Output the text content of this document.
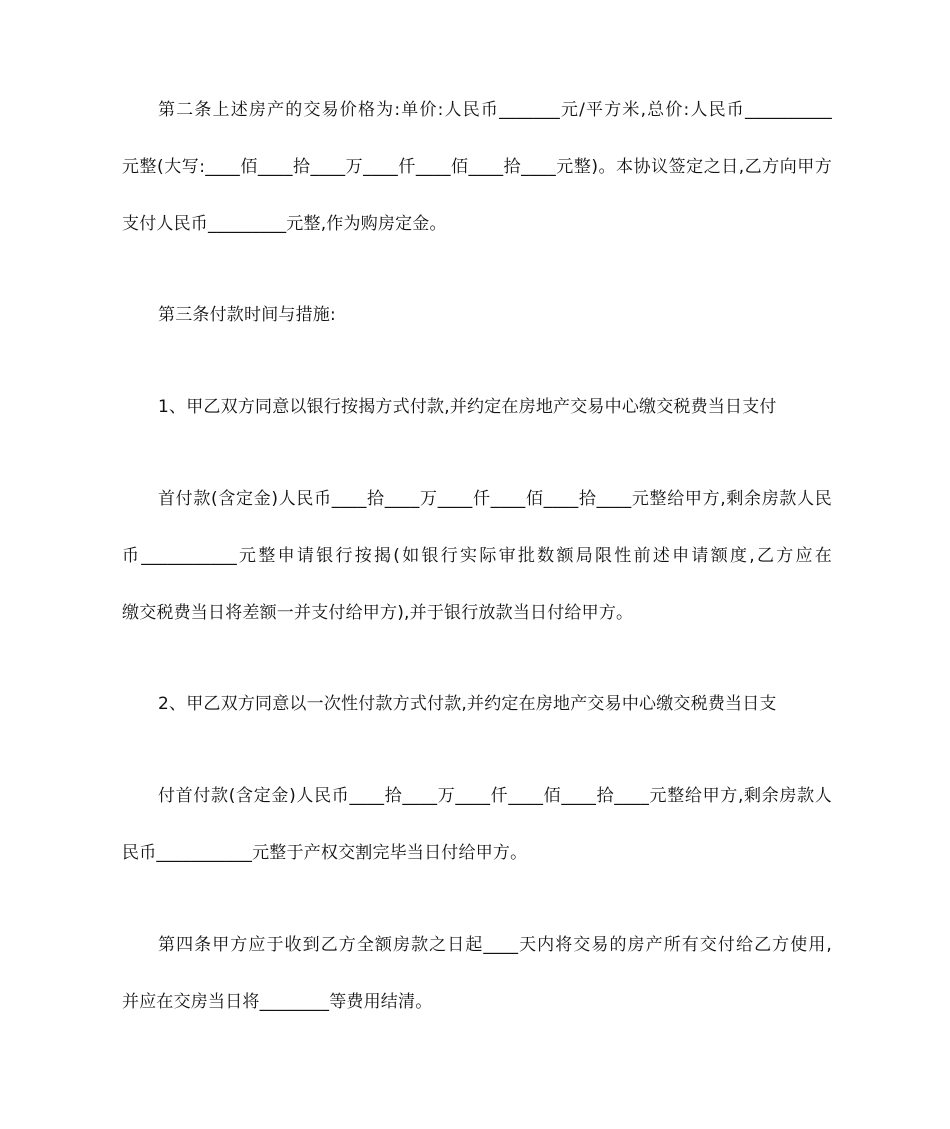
第二条上述房产的交易价格为:单价:人民币_______元/平方米,总价:人民币__________
元整(大写:____佰____拾____万____仟____佰____拾____元整)。本协议签定之日,乙方向甲方
支付人民币_________元整,作为购房定金。
第三条付款时间与措施:
1、甲乙双方同意以银行按揭方式付款,并约定在房地产交易中心缴交税费当日支付
首付款(含定金)人民币____拾____万____仟____佰____拾____元整给甲方,剩余房款人民
币___________元整申请银行按揭(如银行实际审批数额局限性前述申请额度,乙方应在
缴交税费当日将差额一并支付给甲方),并于银行放款当日付给甲方。
2、甲乙双方同意以一次性付款方式付款,并约定在房地产交易中心缴交税费当日支
付首付款(含定金)人民币____拾____万____仟____佰____拾____元整给甲方,剩余房款人
民币___________元整于产权交割完毕当日付给甲方。
第四条甲方应于收到乙方全额房款之日起____天内将交易的房产所有交付给乙方使用,
并应在交房当日将________等费用结清。
